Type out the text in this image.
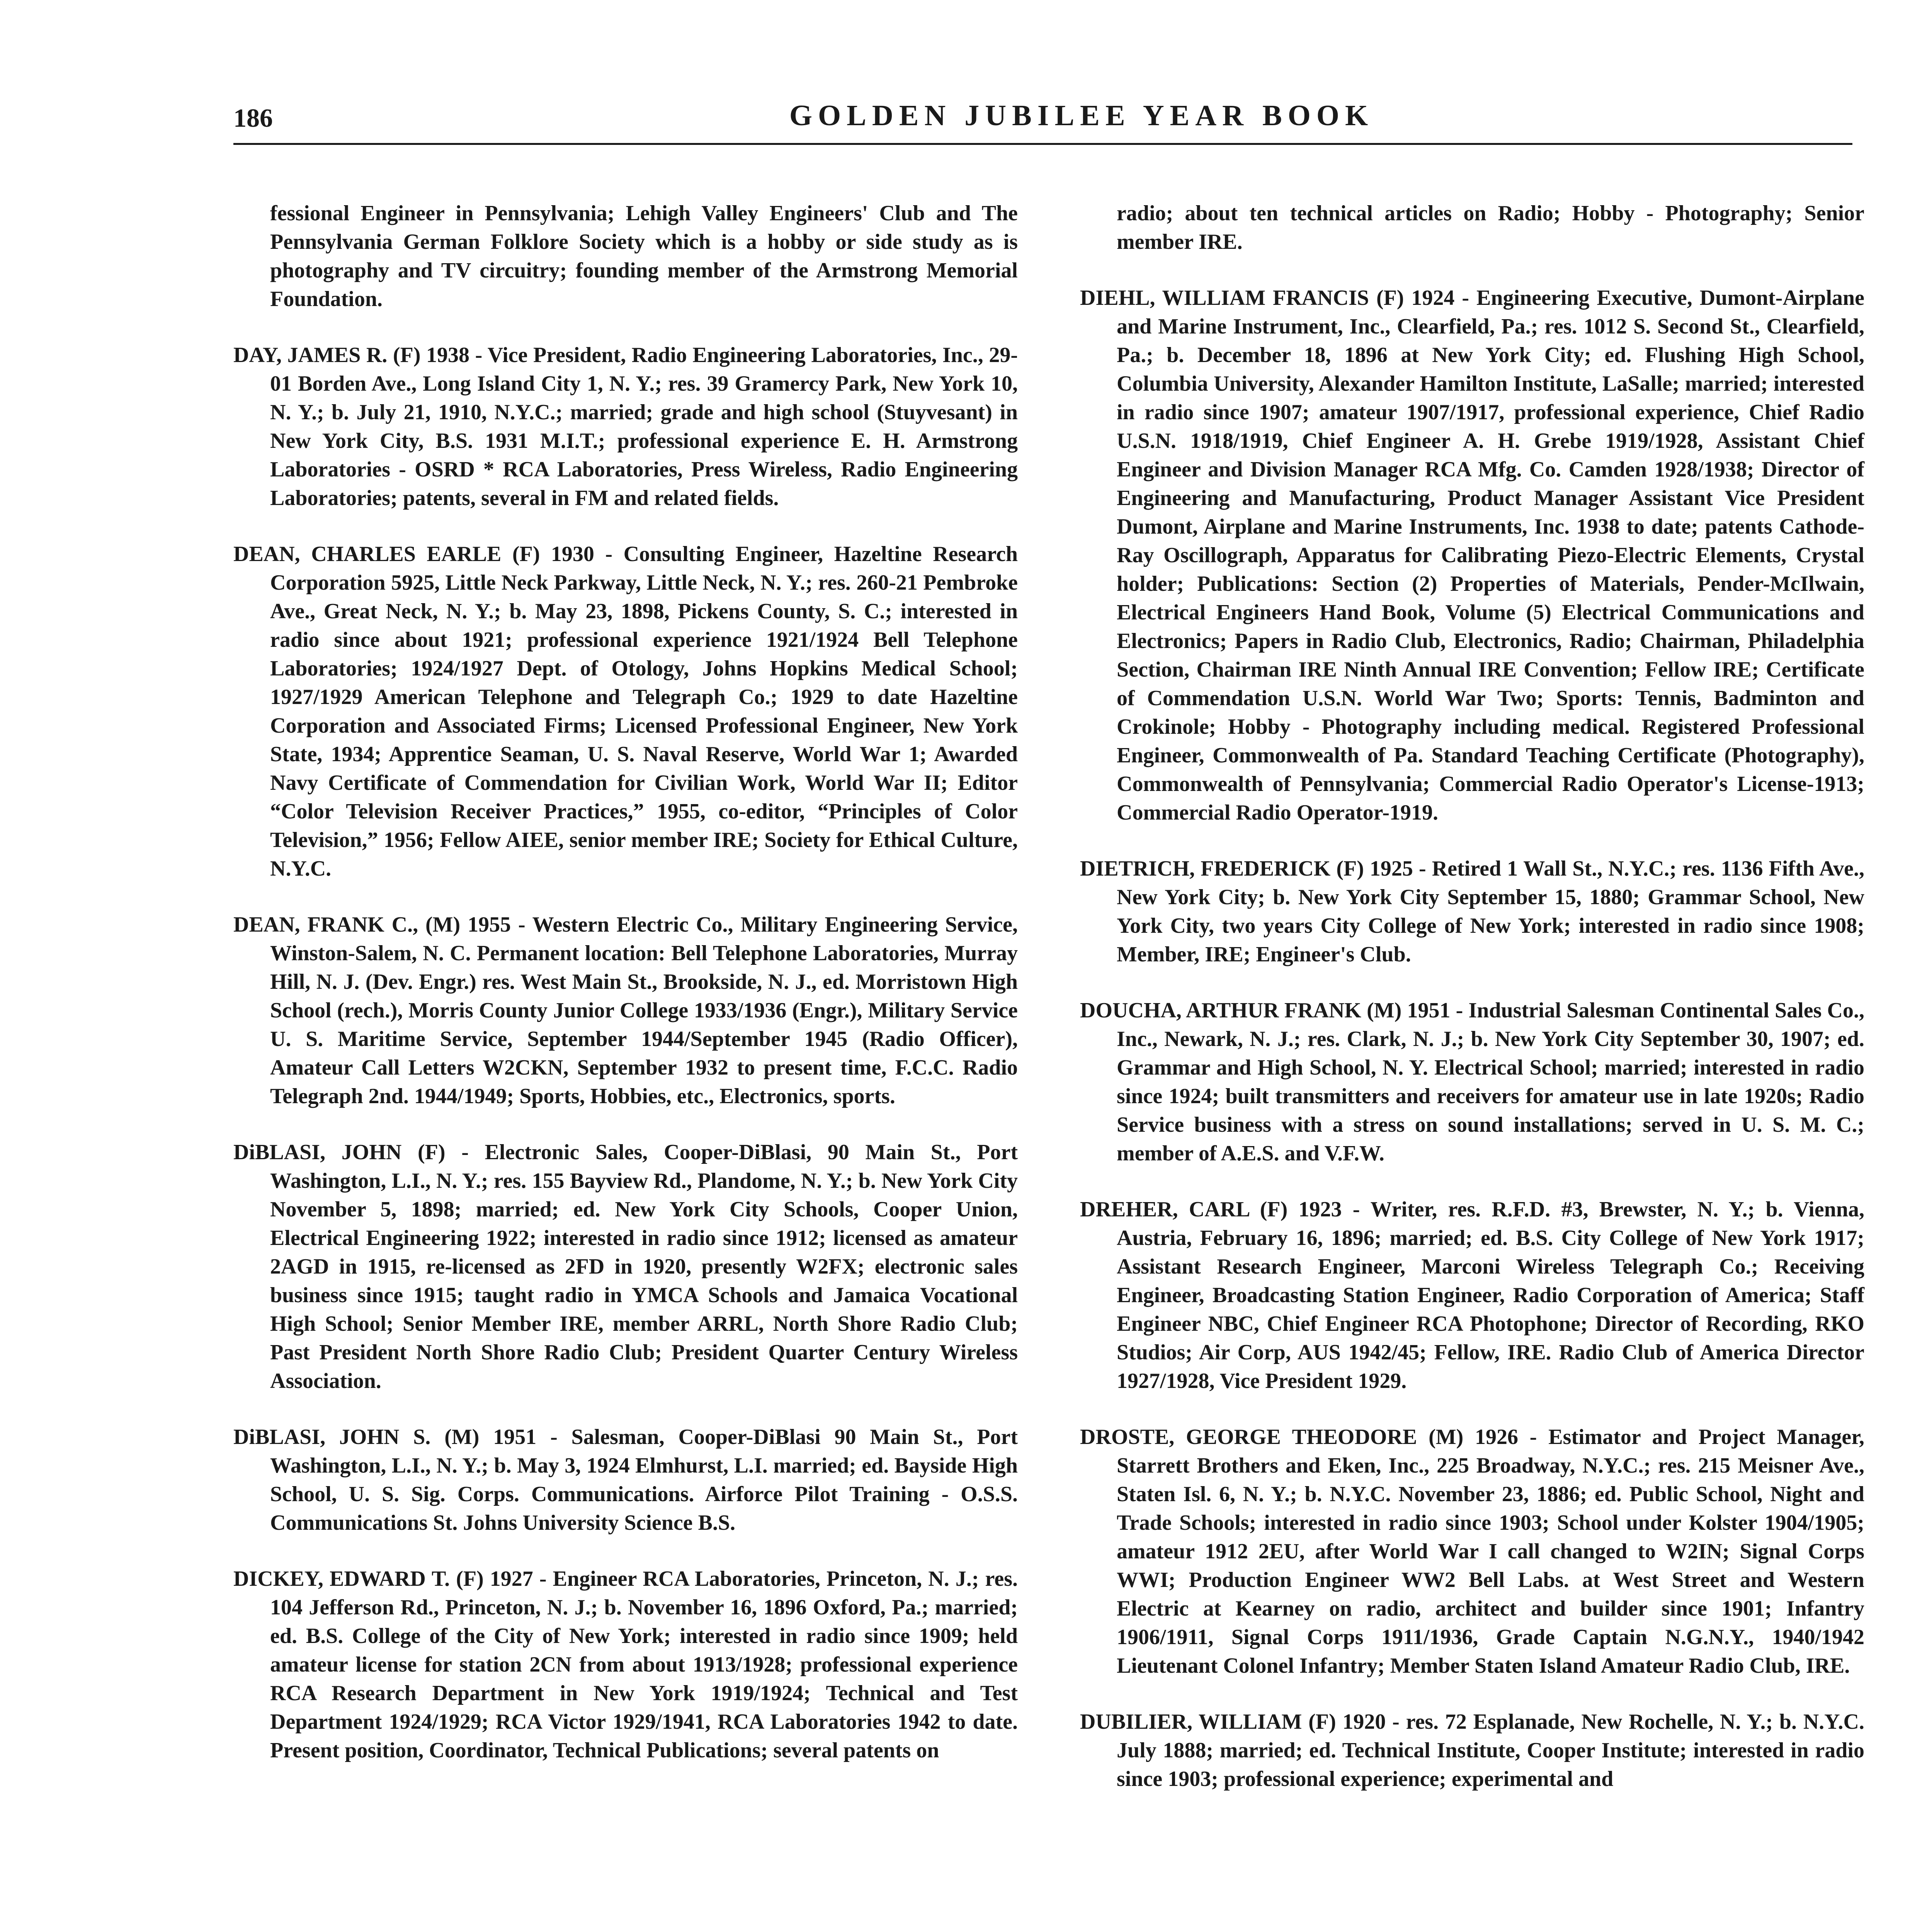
186	GOLDEN JUBILEE YEAR BOOK

fessional Engineer in Pennsylvania; Lehigh Valley Engineers' Club and The Pennsylvania German Folklore Society which is a hobby or side study as is photography and TV circuitry; founding member of the Armstrong Memorial Foundation.

DAY, JAMES R. (F) 1938 - Vice President, Radio Engineering Laboratories, Inc., 29-01 Borden Ave., Long Island City 1, N. Y.; res. 39 Gramercy Park, New York 10, N. Y.; b. July 21, 1910, N.Y.C.; married; grade and high school (Stuyvesant) in New York City, B.S. 1931 M.I.T.; professional experience E. H. Armstrong Laboratories - OSRD * RCA Laboratories, Press Wireless, Radio Engineering Laboratories; patents, several in FM and related fields.

DEAN, CHARLES EARLE (F) 1930 - Consulting Engineer, Hazeltine Research Corporation 5925, Little Neck Parkway, Little Neck, N. Y.; res. 260-21 Pembroke Ave., Great Neck, N. Y.; b. May 23, 1898, Pickens County, S. C.; interested in radio since about 1921; professional experience 1921/1924 Bell Telephone Laboratories; 1924/1927 Dept. of Otology, Johns Hopkins Medical School; 1927/1929 American Telephone and Telegraph Co.; 1929 to date Hazeltine Corporation and Associated Firms; Licensed Professional Engineer, New York State, 1934; Apprentice Seaman, U. S. Naval Reserve, World War 1; Awarded Navy Certificate of Commendation for Civilian Work, World War II; Editor “Color Television Receiver Practices,” 1955, co-editor, “Principles of Color Television,” 1956; Fellow AIEE, senior member IRE; Society for Ethical Culture, N.Y.C.

DEAN, FRANK C., (M) 1955 - Western Electric Co., Military Engineering Service, Winston-Salem, N. C. Permanent location: Bell Telephone Laboratories, Murray Hill, N. J. (Dev. Engr.) res. West Main St., Brookside, N. J., ed. Morristown High School (rech.), Morris County Junior College 1933/1936 (Engr.), Military Service U. S. Maritime Service, September 1944/September 1945 (Radio Officer), Amateur Call Letters W2CKN, September 1932 to present time, F.C.C. Radio Telegraph 2nd. 1944/1949; Sports, Hobbies, etc., Electronics, sports.

DiBLASI, JOHN (F) - Electronic Sales, Cooper-DiBlasi, 90 Main St., Port Washington, L.I., N. Y.; res. 155 Bayview Rd., Plandome, N. Y.; b. New York City November 5, 1898; married; ed. New York City Schools, Cooper Union, Electrical Engineering 1922; interested in radio since 1912; licensed as amateur 2AGD in 1915, re-licensed as 2FD in 1920, presently W2FX; electronic sales business since 1915; taught radio in YMCA Schools and Jamaica Vocational High School; Senior Member IRE, member ARRL, North Shore Radio Club; Past President North Shore Radio Club; President Quarter Century Wireless Association.

DiBLASI, JOHN S. (M) 1951 - Salesman, Cooper-DiBlasi 90 Main St., Port Washington, L.I., N. Y.; b. May 3, 1924 Elmhurst, L.I. married; ed. Bayside High School, U. S. Sig. Corps. Communications. Airforce Pilot Training - O.S.S. Communications St. Johns University Science B.S.

DICKEY, EDWARD T. (F) 1927 - Engineer RCA Laboratories, Princeton, N. J.; res. 104 Jefferson Rd., Princeton, N. J.; b. November 16, 1896 Oxford, Pa.; married; ed. B.S. College of the City of New York; interested in radio since 1909; held amateur license for station 2CN from about 1913/1928; professional experience RCA Research Department in New York 1919/1924; Technical and Test Department 1924/1929; RCA Victor 1929/1941, RCA Laboratories 1942 to date. Present position, Coordinator, Technical Publications; several patents on

radio; about ten technical articles on Radio; Hobby - Photography; Senior member IRE.

DIEHL, WILLIAM FRANCIS (F) 1924 - Engineering Executive, Dumont-Airplane and Marine Instrument, Inc., Clearfield, Pa.; res. 1012 S. Second St., Clearfield, Pa.; b. December 18, 1896 at New York City; ed. Flushing High School, Columbia University, Alexander Hamilton Institute, LaSalle; married; interested in radio since 1907; amateur 1907/1917, professional experience, Chief Radio U.S.N. 1918/1919, Chief Engineer A. H. Grebe 1919/1928, Assistant Chief Engineer and Division Manager RCA Mfg. Co. Camden 1928/1938; Director of Engineering and Manufacturing, Product Manager Assistant Vice President Dumont, Airplane and Marine Instruments, Inc. 1938 to date; patents Cathode-Ray Oscillograph, Apparatus for Calibrating Piezo-Electric Elements, Crystal holder; Publications: Section (2) Properties of Materials, Pender-McIlwain, Electrical Engineers Hand Book, Volume (5) Electrical Communications and Electronics; Papers in Radio Club, Electronics, Radio; Chairman, Philadelphia Section, Chairman IRE Ninth Annual IRE Convention; Fellow IRE; Certificate of Commendation U.S.N. World War Two; Sports: Tennis, Badminton and Crokinole; Hobby - Photography including medical. Registered Professional Engineer, Commonwealth of Pa. Standard Teaching Certificate (Photography), Commonwealth of Pennsylvania; Commercial Radio Operator's License-1913; Commercial Radio Operator-1919.

DIETRICH, FREDERICK (F) 1925 - Retired 1 Wall St., N.Y.C.; res. 1136 Fifth Ave., New York City; b. New York City September 15, 1880; Grammar School, New York City, two years City College of New York; interested in radio since 1908; Member, IRE; Engineer's Club.

DOUCHA, ARTHUR FRANK (M) 1951 - Industrial Salesman Continental Sales Co., Inc., Newark, N. J.; res. Clark, N. J.; b. New York City September 30, 1907; ed. Grammar and High School, N. Y. Electrical School; married; interested in radio since 1924; built transmitters and receivers for amateur use in late 1920s; Radio Service business with a stress on sound installations; served in U. S. M. C.; member of A.E.S. and V.F.W.

DREHER, CARL (F) 1923 - Writer, res. R.F.D. #3, Brewster, N. Y.; b. Vienna, Austria, February 16, 1896; married; ed. B.S. City College of New York 1917; Assistant Research Engineer, Marconi Wireless Telegraph Co.; Receiving Engineer, Broadcasting Station Engineer, Radio Corporation of America; Staff Engineer NBC, Chief Engineer RCA Photophone; Director of Recording, RKO Studios; Air Corp, AUS 1942/45; Fellow, IRE. Radio Club of America Director 1927/1928, Vice President 1929.

DROSTE, GEORGE THEODORE (M) 1926 - Estimator and Project Manager, Starrett Brothers and Eken, Inc., 225 Broadway, N.Y.C.; res. 215 Meisner Ave., Staten Isl. 6, N. Y.; b. N.Y.C. November 23, 1886; ed. Public School, Night and Trade Schools; interested in radio since 1903; School under Kolster 1904/1905; amateur 1912 2EU, after World War I call changed to W2IN; Signal Corps WWI; Production Engineer WW2 Bell Labs. at West Street and Western Electric at Kearney on radio, architect and builder since 1901; Infantry 1906/1911, Signal Corps 1911/1936, Grade Captain N.G.N.Y., 1940/1942 Lieutenant Colonel Infantry; Member Staten Island Amateur Radio Club, IRE.

DUBILIER, WILLIAM (F) 1920 - res. 72 Esplanade, New Rochelle, N. Y.; b. N.Y.C. July 1888; married; ed. Technical Institute, Cooper Institute; interested in radio since 1903; professional experience; experimental and
